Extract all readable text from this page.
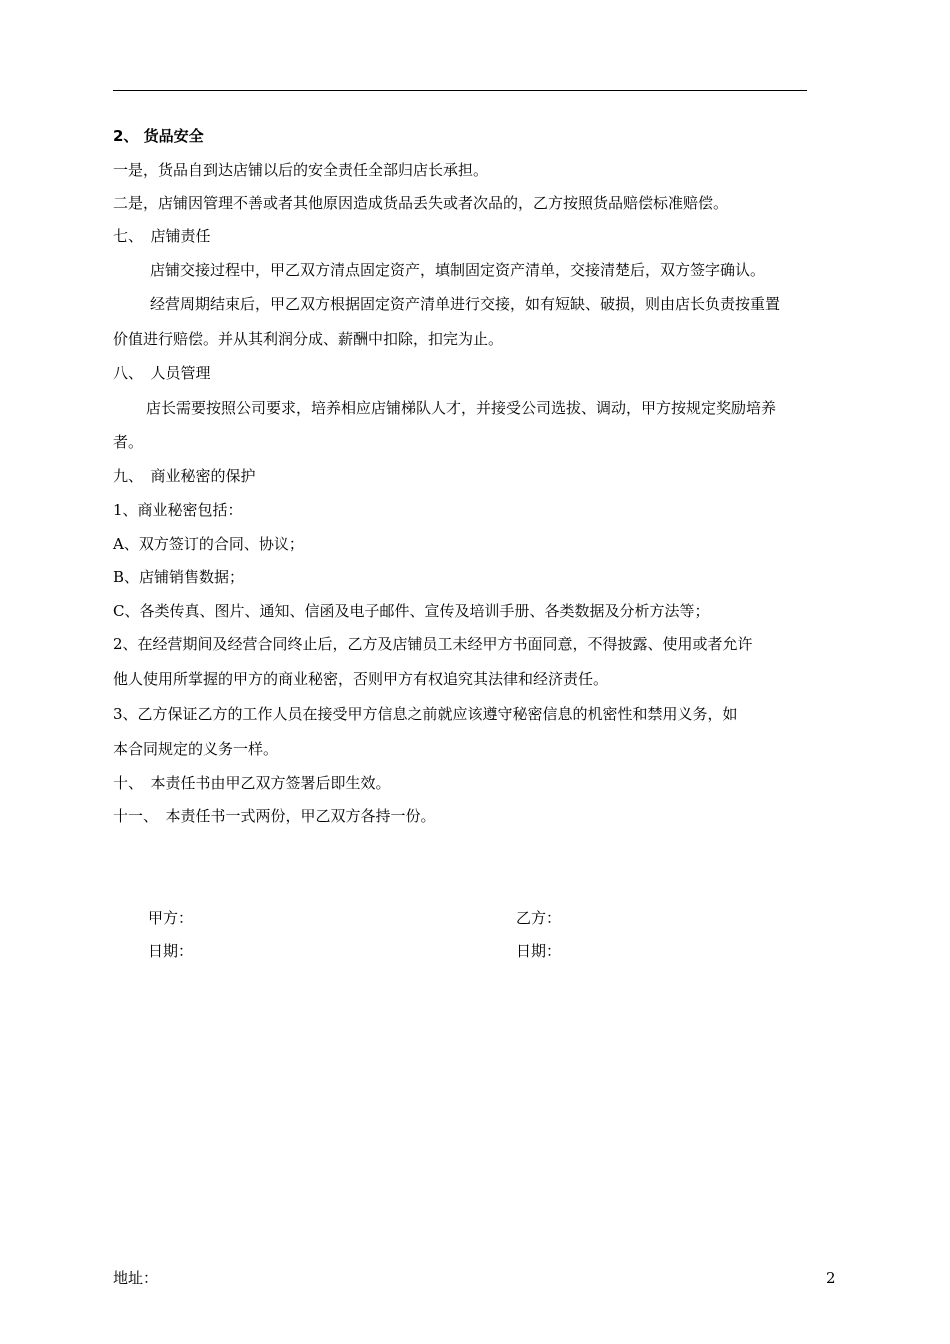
2、 货品安全
一是，货品自到达店铺以后的安全责任全部归店长承担。
二是，店铺因管理不善或者其他原因造成货品丢失或者次品的，乙方按照货品赔偿标准赔偿。
七、　店铺责任
店铺交接过程中，甲乙双方清点固定资产，填制固定资产清单，交接清楚后，双方签字确认。
经营周期结束后，甲乙双方根据固定资产清单进行交接，如有短缺、破损，则由店长负责按重置
价值进行赔偿。并从其利润分成、薪酬中扣除，扣完为止。
八、　人员管理
店长需要按照公司要求，培养相应店铺梯队人才，并接受公司选拔、调动，甲方按规定奖励培养
者。
九、　商业秘密的保护
1、商业秘密包括：
A、双方签订的合同、协议；
B、店铺销售数据；
C、各类传真、图片、通知、信函及电子邮件、宣传及培训手册、各类数据及分析方法等；
2、在经营期间及经营合同终止后，乙方及店铺员工未经甲方书面同意，不得披露、使用或者允许
他人使用所掌握的甲方的商业秘密，否则甲方有权追究其法律和经济责任。
3、乙方保证乙方的工作人员在接受甲方信息之前就应该遵守秘密信息的机密性和禁用义务，如
本合同规定的义务一样。
十、　本责任书由甲乙双方签署后即生效。
十一、　本责任书一式两份，甲乙双方各持一份。
甲方：	乙方：
日期：	日期：
地址：	2
